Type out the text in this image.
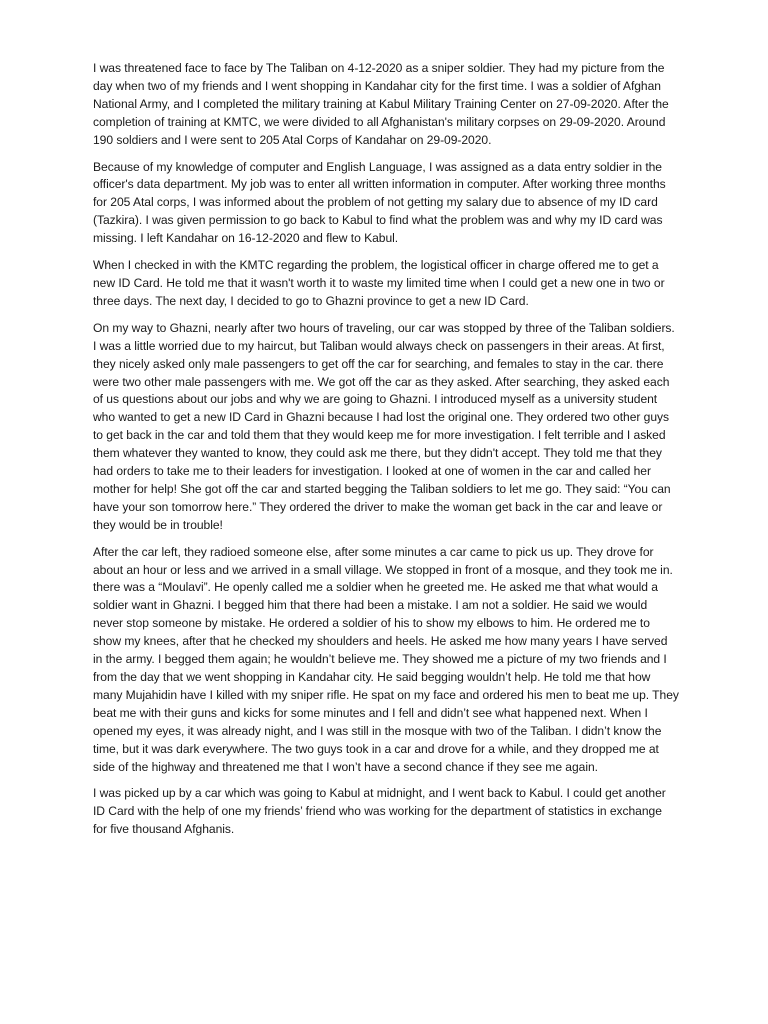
I was threatened face to face by The Taliban on 4-12-2020 as a sniper soldier. They had my picture from the day when two of my friends and I went shopping in Kandahar city for the first time. I was a soldier of Afghan National Army, and I completed the military training at Kabul Military Training Center on 27-09-2020. After the completion of training at KMTC, we were divided to all Afghanistan's military corpses on 29-09-2020. Around 190 soldiers and I were sent to 205 Atal Corps of Kandahar on 29-09-2020.

Because of my knowledge of computer and English Language, I was assigned as a data entry soldier in the officer's data department. My job was to enter all written information in computer. After working three months for 205 Atal corps, I was informed about the problem of not getting my salary due to absence of my ID card (Tazkira). I was given permission to go back to Kabul to find what the problem was and why my ID card was missing. I left Kandahar on 16-12-2020 and flew to Kabul.

When I checked in with the KMTC regarding the problem, the logistical officer in charge offered me to get a new ID Card. He told me that it wasn't worth it to waste my limited time when I could get a new one in two or three days. The next day, I decided to go to Ghazni province to get a new ID Card.

On my way to Ghazni, nearly after two hours of traveling, our car was stopped by three of the Taliban soldiers. I was a little worried due to my haircut, but Taliban would always check on passengers in their areas. At first, they nicely asked only male passengers to get off the car for searching, and females to stay in the car. there were two other male passengers with me. We got off the car as they asked. After searching, they asked each of us questions about our jobs and why we are going to Ghazni. I introduced myself as a university student who wanted to get a new ID Card in Ghazni because I had lost the original one. They ordered two other guys to get back in the car and told them that they would keep me for more investigation. I felt terrible and I asked them whatever they wanted to know, they could ask me there, but they didn't accept. They told me that they had orders to take me to their leaders for investigation. I looked at one of women in the car and called her mother for help! She got off the car and started begging the Taliban soldiers to let me go. They said: “You can have your son tomorrow here.” They ordered the driver to make the woman get back in the car and leave or they would be in trouble!

After the car left, they radioed someone else, after some minutes a car came to pick us up. They drove for about an hour or less and we arrived in a small village. We stopped in front of a mosque, and they took me in. there was a “Moulavi”. He openly called me a soldier when he greeted me. He asked me that what would a soldier want in Ghazni. I begged him that there had been a mistake. I am not a soldier. He said we would never stop someone by mistake. He ordered a soldier of his to show my elbows to him. He ordered me to show my knees, after that he checked my shoulders and heels. He asked me how many years I have served in the army. I begged them again; he wouldn’t believe me. They showed me a picture of my two friends and I from the day that we went shopping in Kandahar city. He said begging wouldn’t help. He told me that how many Mujahidin have I killed with my sniper rifle. He spat on my face and ordered his men to beat me up. They beat me with their guns and kicks for some minutes and I fell and didn’t see what happened next. When I opened my eyes, it was already night, and I was still in the mosque with two of the Taliban. I didn’t know the time, but it was dark everywhere. The two guys took in a car and drove for a while, and they dropped me at side of the highway and threatened me that I won’t have a second chance if they see me again.

I was picked up by a car which was going to Kabul at midnight, and I went back to Kabul. I could get another ID Card with the help of one my friends’ friend who was working for the department of statistics in exchange for five thousand Afghanis.
